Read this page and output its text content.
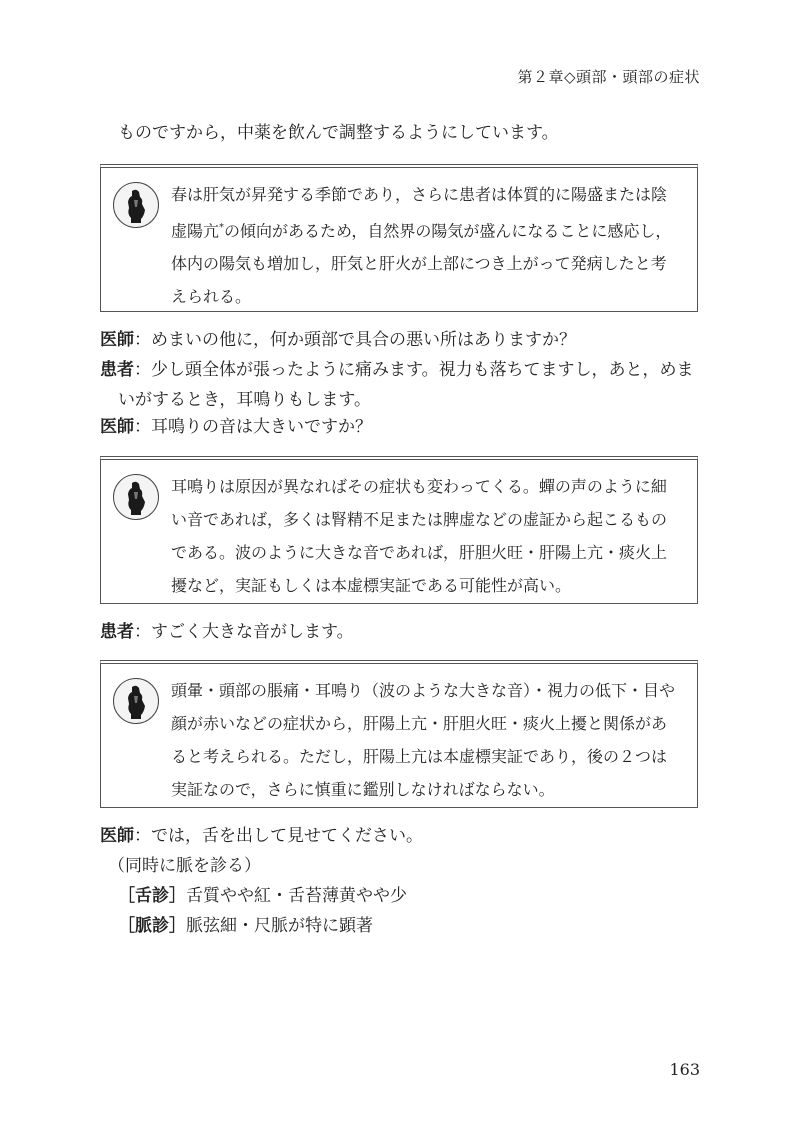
第２章◇頭部・頭部の症状
ものですから，中薬を飲んで調整するようにしています。
春は肝気が昇発する季節であり，さらに患者は体質的に陽盛または陰
虚陽亢*の傾向があるため，自然界の陽気が盛んになることに感応し，
体内の陽気も増加し，肝気と肝火が上部につき上がって発病したと考
えられる。
医師：めまいの他に，何か頭部で具合の悪い所はありますか？
患者：少し頭全体が張ったように痛みます。視力も落ちてますし，あと，めま
いがするとき，耳鳴りもします。
医師：耳鳴りの音は大きいですか？
耳鳴りは原因が異なればその症状も変わってくる。蟬の声のように細
い音であれば，多くは腎精不足または脾虚などの虚証から起こるもの
である。波のように大きな音であれば，肝胆火旺・肝陽上亢・痰火上
擾など，実証もしくは本虚標実証である可能性が高い。
患者：すごく大きな音がします。
頭暈・頭部の脹痛・耳鳴り（波のような大きな音）・視力の低下・目や
顔が赤いなどの症状から，肝陽上亢・肝胆火旺・痰火上擾と関係があ
ると考えられる。ただし，肝陽上亢は本虚標実証であり，後の２つは
実証なので，さらに慎重に鑑別しなければならない。
医師：では，舌を出して見せてください。
（同時に脈を診る）
［舌診］舌質やや紅・舌苔薄黄やや少
［脈診］脈弦細・尺脈が特に顕著
163
